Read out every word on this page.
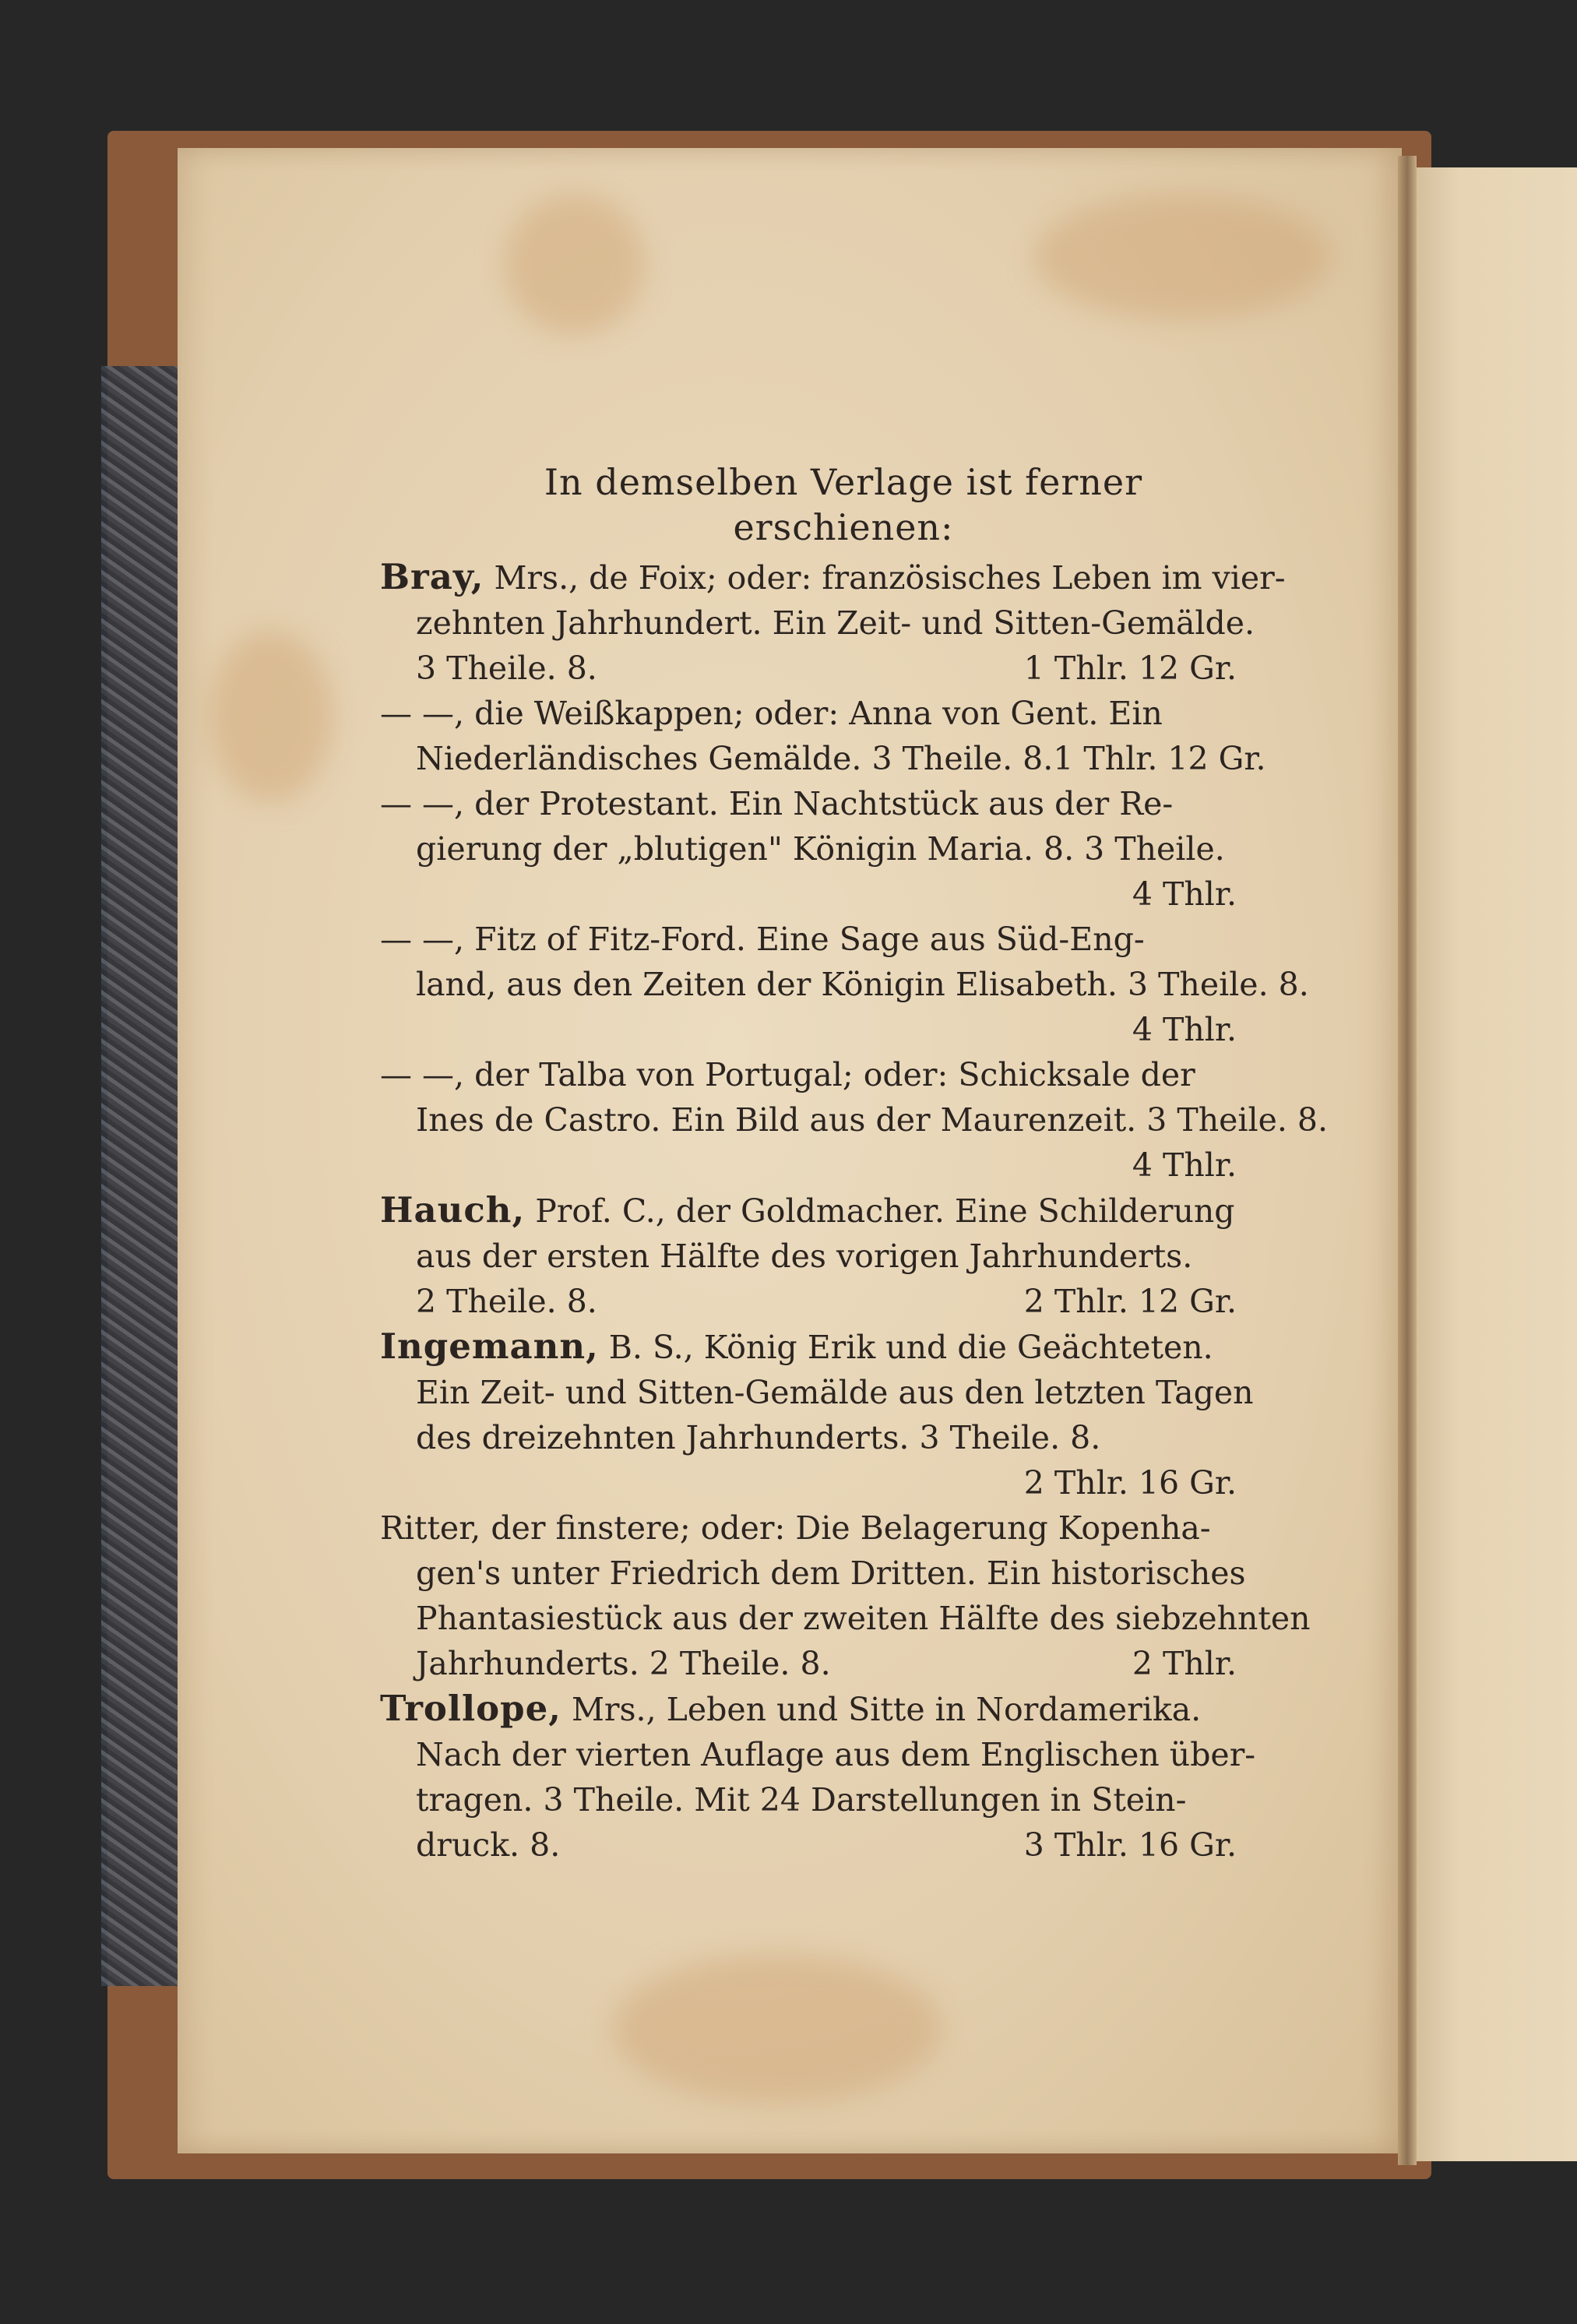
In demselben Verlage ist ferner erschienen:
Bray, Mrs., de Foix; oder: französisches Leben im vier-
zehnten Jahrhundert. Ein Zeit- und Sitten-Gemälde.
3 Theile. 8.	1 Thlr. 12 Gr.
— —, die Weißkappen; oder: Anna von Gent. Ein
Niederländisches Gemälde. 3 Theile. 8. 1 Thlr. 12 Gr.
— —, der Protestant. Ein Nachtstück aus der Re-
gierung der „blutigen" Königin Maria. 8. 3 Theile.
4 Thlr.
— —, Fitz of Fitz-Ford. Eine Sage aus Süd-Eng-
land, aus den Zeiten der Königin Elisabeth. 3 Theile. 8.
4 Thlr.
— —, der Talba von Portugal; oder: Schicksale der
Ines de Castro. Ein Bild aus der Maurenzeit. 3 Theile. 8.
4 Thlr.
Hauch, Prof. C., der Goldmacher. Eine Schilderung
aus der ersten Hälfte des vorigen Jahrhunderts.
2 Theile. 8.	2 Thlr. 12 Gr.
Ingemann, B. S., König Erik und die Geächteten.
Ein Zeit- und Sitten-Gemälde aus den letzten Tagen
des dreizehnten Jahrhunderts. 3 Theile. 8.
2 Thlr. 16 Gr.
Ritter, der finstere; oder: Die Belagerung Kopenha-
gen's unter Friedrich dem Dritten. Ein historisches
Phantasiestück aus der zweiten Hälfte des siebzehnten
Jahrhunderts. 2 Theile. 8.	2 Thlr.
Trollope, Mrs., Leben und Sitte in Nordamerika.
Nach der vierten Auflage aus dem Englischen über-
tragen. 3 Theile. Mit 24 Darstellungen in Stein-
druck. 8.	3 Thlr. 16 Gr.
